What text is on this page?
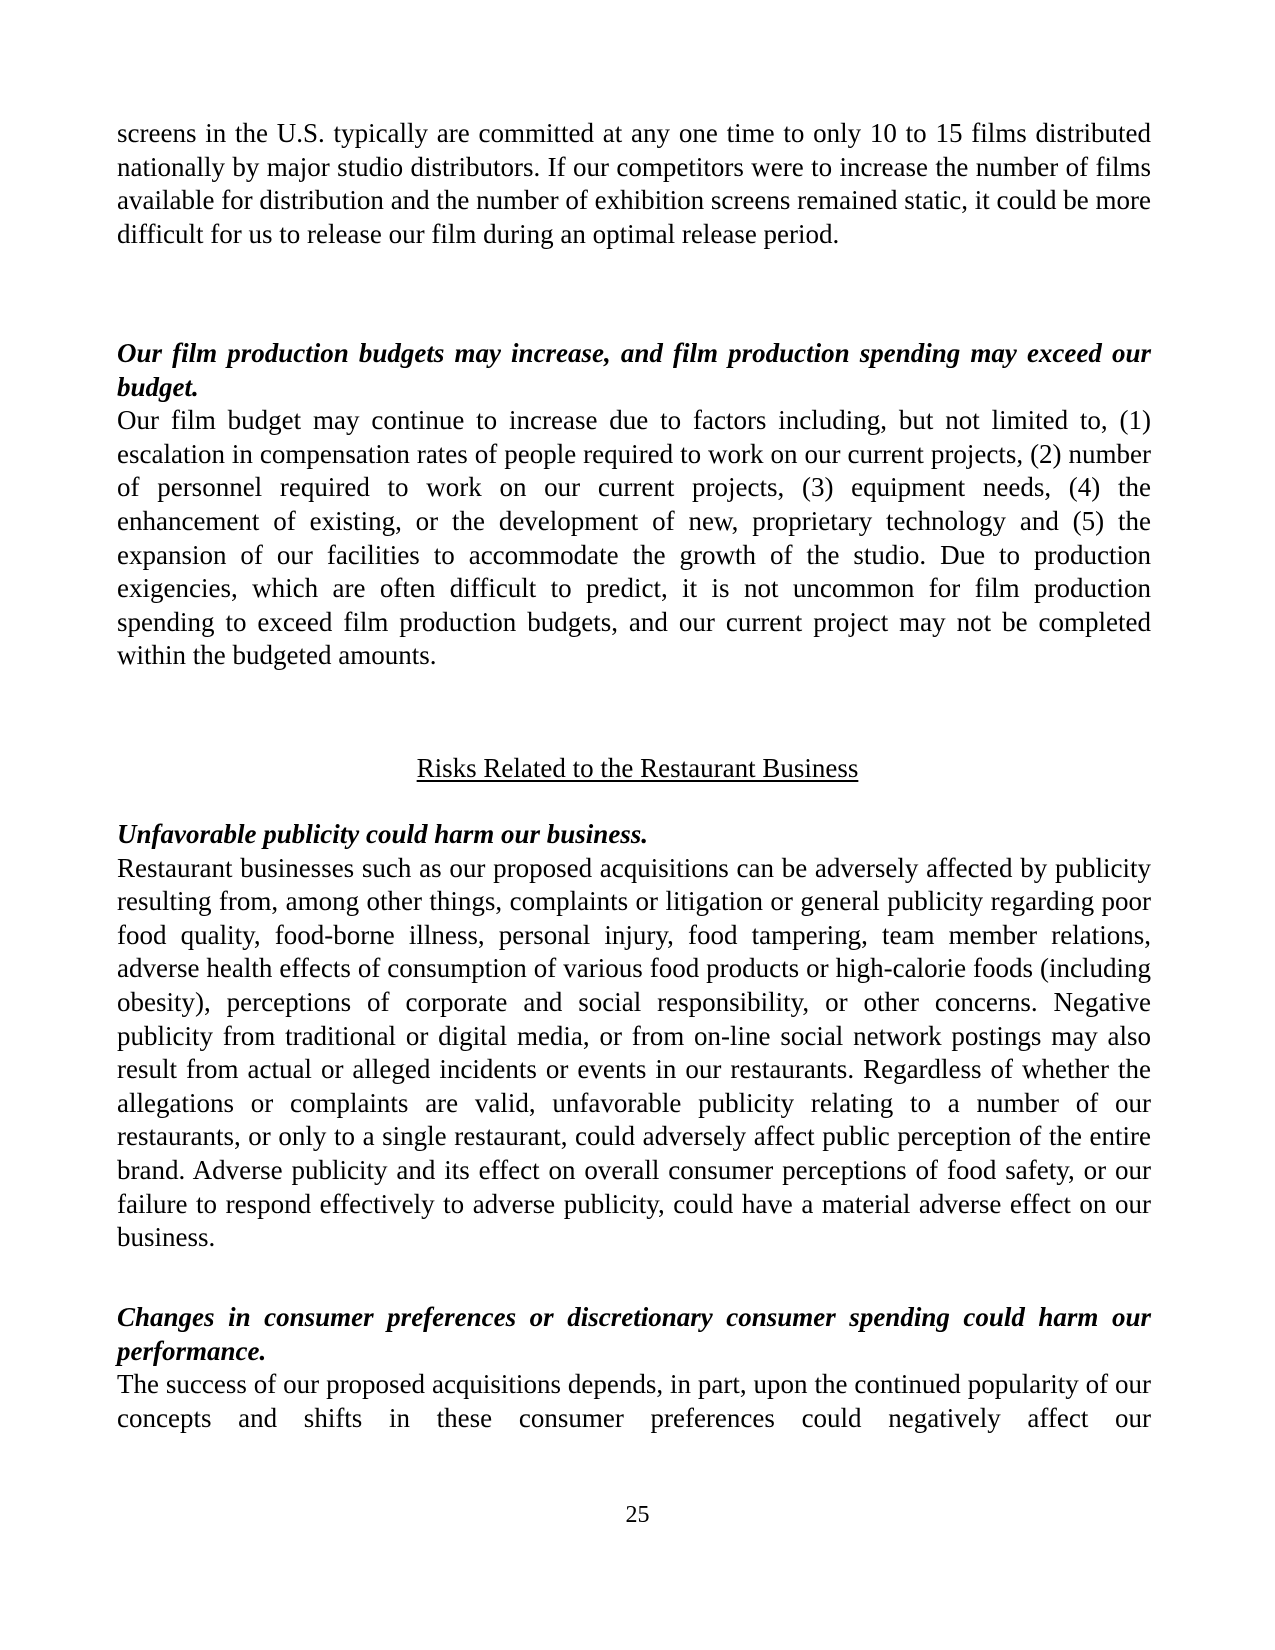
screens in the U.S. typically are committed at any one time to only 10 to 15 films distributed nationally by major studio distributors. If our competitors were to increase the number of films available for distribution and the number of exhibition screens remained static, it could be more difficult for us to release our film during an optimal release period.

Our film production budgets may increase, and film production spending may exceed our budget.

Our film budget may continue to increase due to factors including, but not limited to, (1) escalation in compensation rates of people required to work on our current projects, (2) number of personnel required to work on our current projects, (3) equipment needs, (4) the enhancement of existing, or the development of new, proprietary technology and (5) the expansion of our facilities to accommodate the growth of the studio. Due to production exigencies, which are often difficult to predict, it is not uncommon for film production spending to exceed film production budgets, and our current project may not be completed within the budgeted amounts.

Risks Related to the Restaurant Business

Unfavorable publicity could harm our business.

Restaurant businesses such as our proposed acquisitions can be adversely affected by publicity resulting from, among other things, complaints or litigation or general publicity regarding poor food quality, food-borne illness, personal injury, food tampering, team member relations, adverse health effects of consumption of various food products or high-calorie foods (including obesity), perceptions of corporate and social responsibility, or other concerns. Negative publicity from traditional or digital media, or from on-line social network postings may also result from actual or alleged incidents or events in our restaurants. Regardless of whether the allegations or complaints are valid, unfavorable publicity relating to a number of our restaurants, or only to a single restaurant, could adversely affect public perception of the entire brand. Adverse publicity and its effect on overall consumer perceptions of food safety, or our failure to respond effectively to adverse publicity, could have a material adverse effect on our business.

Changes in consumer preferences or discretionary consumer spending could harm our performance.

The success of our proposed acquisitions depends, in part, upon the continued popularity of our concepts and shifts in these consumer preferences could negatively affect our

25
